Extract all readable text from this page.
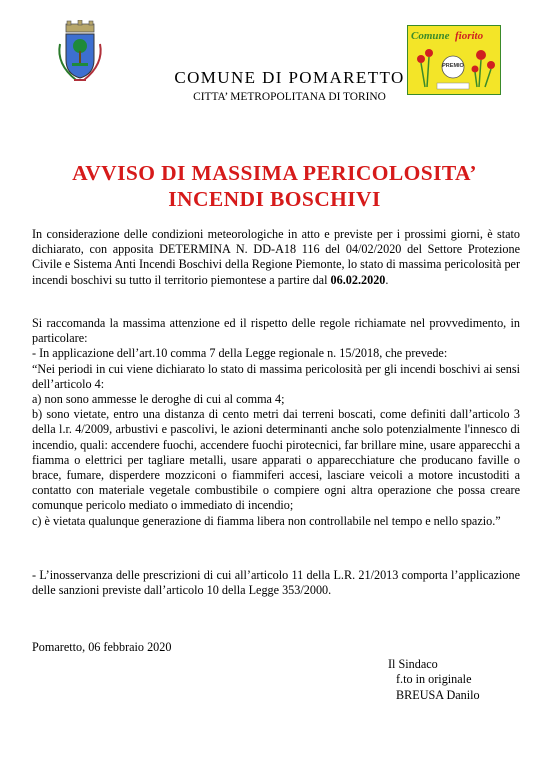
Comune fiorito
PREMIO
COMUNE DI POMARETTO
CITTA’ METROPOLITANA DI TORINO
AVVISO DI MASSIMA PERICOLOSITA’
INCENDI BOSCHIVI
In considerazione delle condizioni meteorologiche in atto e previste per i prossimi giorni, è stato dichiarato, con apposita DETERMINA N. DD-A18 116 del 04/02/2020 del Settore Protezione Civile e Sistema Anti Incendi Boschivi della Regione Piemonte, lo stato di massima pericolosità per incendi boschivi su tutto il territorio piemontese a partire dal 06.02.2020.
Si raccomanda la massima attenzione ed il rispetto delle regole richiamate nel provvedimento, in particolare:
- In applicazione dell’art.10 comma 7 della Legge regionale n. 15/2018, che prevede:
“Nei periodi in cui viene dichiarato lo stato di massima pericolosità per gli incendi boschivi ai sensi dell’articolo 4:
a) non sono ammesse le deroghe di cui al comma 4;
b) sono vietate, entro una distanza di cento metri dai terreni boscati, come definiti dall’articolo 3 della l.r. 4/2009, arbustivi e pascolivi, le azioni determinanti anche solo potenzialmente l'innesco di incendio, quali: accendere fuochi, accendere fuochi pirotecnici, far brillare mine, usare apparecchi a fiamma o elettrici per tagliare metalli, usare apparati o apparecchiature che producano faville o brace, fumare, disperdere mozziconi o fiammiferi accesi, lasciare veicoli a motore incustoditi a contatto con materiale vegetale combustibile o compiere ogni altra operazione che possa creare comunque pericolo mediato o immediato di incendio;
c) è vietata qualunque generazione di fiamma libera non controllabile nel tempo e nello spazio.”
- L’inosservanza delle prescrizioni di cui all’articolo 11 della L.R. 21/2013 comporta l’applicazione delle sanzioni previste dall’articolo 10 della Legge 353/2000.
Pomaretto, 06 febbraio 2020
Il Sindaco
f.to in originale
BREUSA Danilo
